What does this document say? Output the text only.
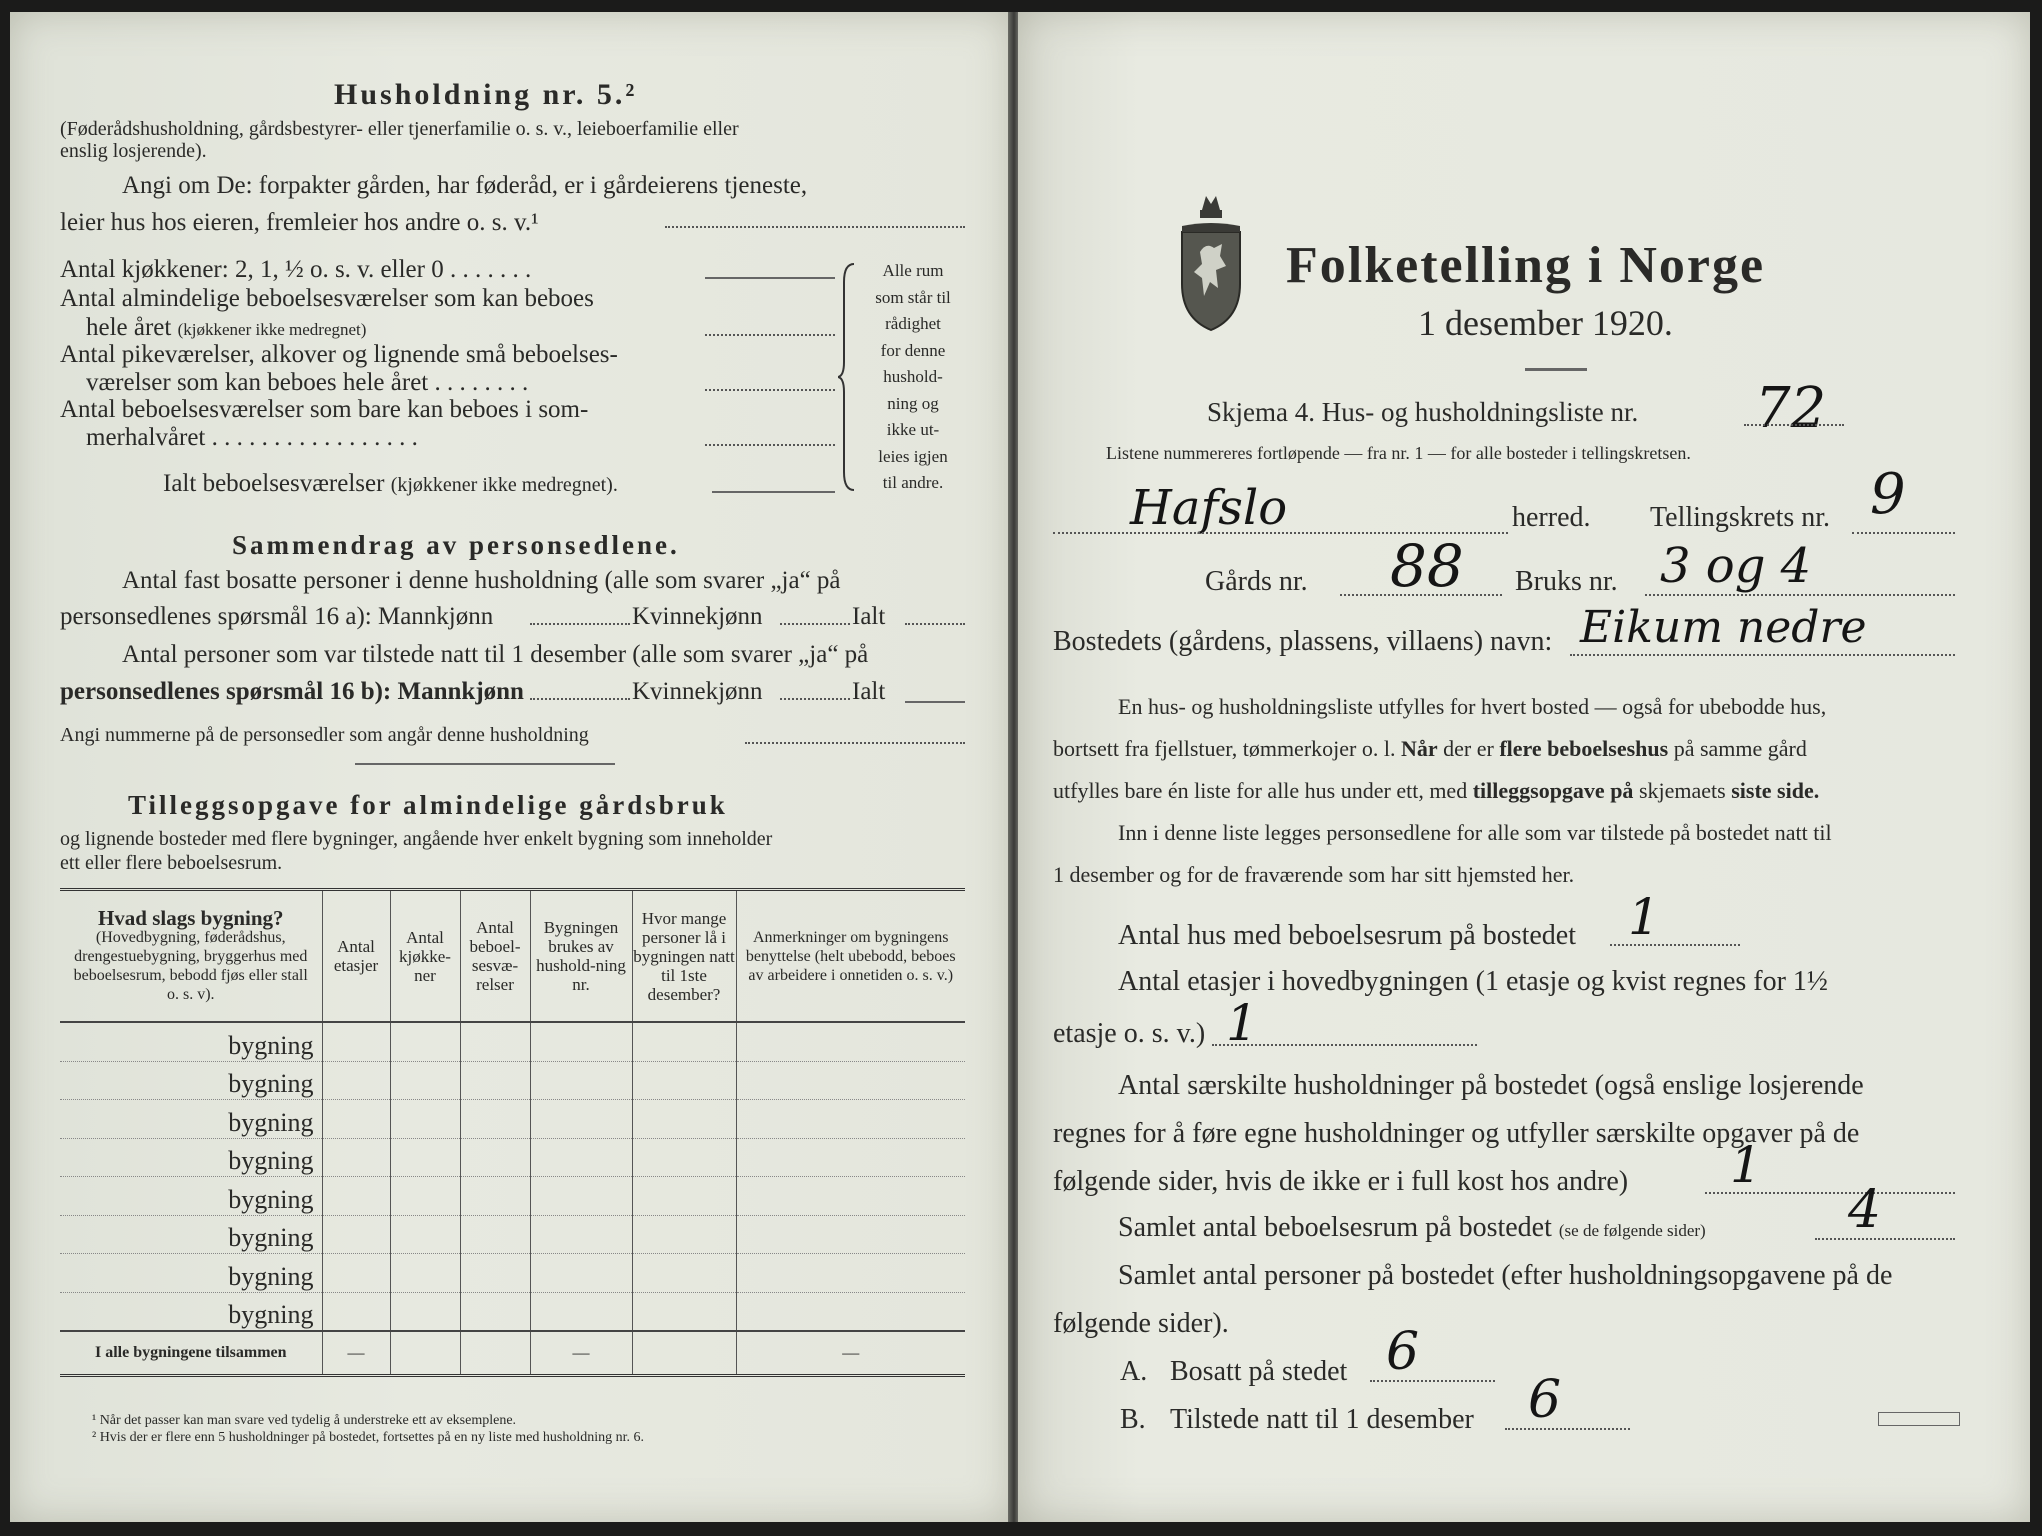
Husholdning nr. 5.²
(Føderådshusholdning, gårdsbestyrer- eller tjenerfamilie o. s. v., leieboerfamilie eller
enslig losjerende).
Angi om De: forpakter gården, har føderåd, er i gårdeierens tjeneste,
leier hus hos eieren, fremleier hos andre o. s. v.¹
Antal kjøkkener: 2, 1, ½ o. s. v. eller 0 . . . . . . .
Antal almindelige beboelsesværelser som kan beboes
hele året (kjøkkener ikke medregnet)
Antal pikeværelser, alkover og lignende små beboelses-
værelser som kan beboes hele året . . . . . . . .
Antal beboelsesværelser som bare kan beboes i som-
merhalvåret . . . . . . . . . . . . . . . . .
Ialt beboelsesværelser (kjøkkener ikke medregnet).
Alle rum
som står til
rådighet
for denne
hushold-
ning og
ikke ut-
leies igjen
til andre.
Sammendrag av personsedlene.
Antal fast bosatte personer i denne husholdning (alle som svarer „ja“ på
personsedlenes spørsmål 16 a): Mannkjønn	Kvinnekjønn	Ialt
Antal personer som var tilstede natt til 1 desember (alle som svarer „ja“ på
personsedlenes spørsmål 16 b): Mannkjønn	Kvinnekjønn	Ialt
Angi nummerne på de personsedler som angår denne husholdning
Tilleggsopgave for almindelige gårdsbruk
og lignende bosteder med flere bygninger, angående hver enkelt bygning som inneholder
ett eller flere beboelsesrum.
Hvad slags bygning?
(Hovedbygning, føderådshus, drengestuebygning, bryggerhus med beboelsesrum, bebodd fjøs eller stall o. s. v).	Antal etasjer	Antal kjøkke-ner	Antal beboel-sesvæ-relser	Bygningen brukes av hushold-ning nr.	Hvor mange personer lå i bygningen natt til 1ste desember?	Anmerkninger om bygningens benyttelse (helt ubebodd, beboes av arbeidere i onnetiden o. s. v.)

bygning						

bygning						

bygning						

bygning						

bygning						

bygning						

bygning						

bygning						

I alle bygningene tilsammen	—			—		—
¹ Når det passer kan man svare ved tydelig å understreke ett av eksemplene.
² Hvis der er flere enn 5 husholdninger på bostedet, fortsettes på en ny liste med husholdning nr. 6.
Folketelling i Norge
1 desember 1920.
Skjema 4. Hus- og husholdningsliste nr. 72
Listene nummereres fortløpende — fra nr. 1 — for alle bosteder i tellingskretsen.
Hafslo	herred. Tellingskrets nr. 9
Gårds nr. 88 Bruks nr. 3 og 4
Bostedets (gårdens, plassens, villaens) navn: Eikum nedre
En hus- og husholdningsliste utfylles for hvert bosted — også for ubebodde hus,
bortsett fra fjellstuer, tømmerkojer o. l. Når der er flere beboelseshus på samme gård
utfylles bare én liste for alle hus under ett, med tilleggsopgave på skjemaets siste side.
Inn i denne liste legges personsedlene for alle som var tilstede på bostedet natt til
1 desember og for de fraværende som har sitt hjemsted her.
Antal hus med beboelsesrum på bostedet 1
Antal etasjer i hovedbygningen (1 etasje og kvist regnes for 1½
etasje o. s. v.) 1
Antal særskilte husholdninger på bostedet (også enslige losjerende
regnes for å føre egne husholdninger og utfyller særskilte opgaver på de
følgende sider, hvis de ikke er i full kost hos andre) 1
Samlet antal beboelsesrum på bostedet (se de følgende sider)	4
Samlet antal personer på bostedet (efter husholdningsopgavene på de
følgende sider).
A. Bosatt på stedet 6
B. Tilstede natt til 1 desember 6
